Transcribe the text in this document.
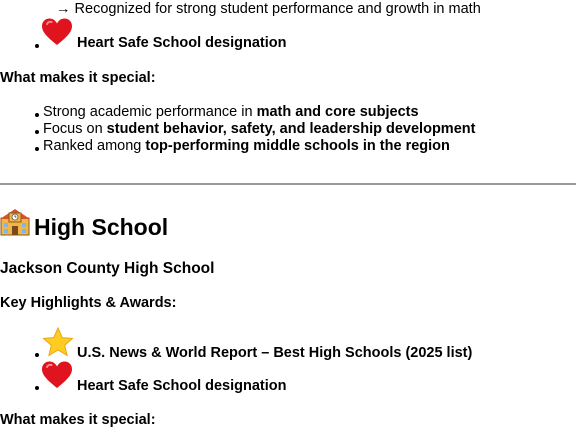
→ Recognized for strong student performance and growth in math
Heart Safe School designation
What makes it special:
Strong academic performance in math and core subjects
Focus on student behavior, safety, and leadership development
Ranked among top-performing middle schools in the region
High School
Jackson County High School
Key Highlights & Awards:
U.S. News & World Report – Best High Schools (2025 list)
Heart Safe School designation
What makes it special:
